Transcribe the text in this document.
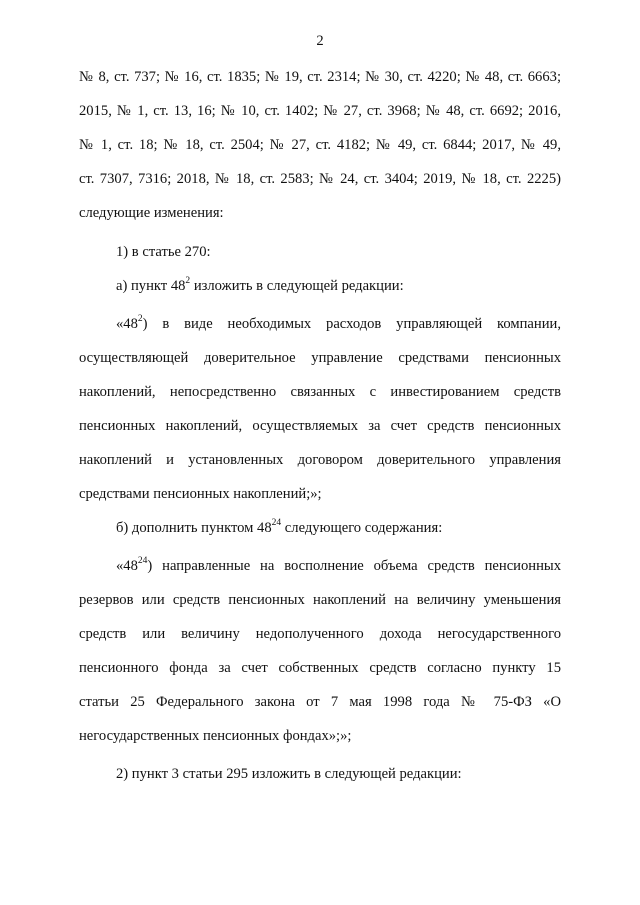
2
№ 8, ст. 737; № 16, ст. 1835; № 19, ст. 2314; № 30, ст. 4220; № 48, ст. 6663;
2015, № 1, ст. 13, 16; № 10, ст. 1402; № 27, ст. 3968; № 48, ст. 6692; 2016,
№ 1, ст. 18; № 18, ст. 2504; № 27, ст. 4182; № 49, ст. 6844; 2017, № 49,
ст. 7307, 7316; 2018, № 18, ст. 2583; № 24, ст. 3404; 2019, № 18, ст. 2225)
следующие изменения:
1) в статье 270:
а) пункт $48^2$ изложить в следующей редакции:
«$48^2$) в виде необходимых расходов управляющей компании,
осуществляющей доверительное управление средствами пенсионных
накоплений, непосредственно связанных с инвестированием средств
пенсионных накоплений, осуществляемых за счет средств пенсионных
накоплений и установленных договором доверительного управления
средствами пенсионных накоплений;»;
б) дополнить пунктом $48^{24}$ следующего содержания:
«$48^{24}$) направленные на восполнение объема средств пенсионных
резервов или средств пенсионных накоплений на величину уменьшения
средств или величину недополученного дохода негосударственного
пенсионного фонда за счет собственных средств согласно пункту 15
статьи 25 Федерального закона от 7 мая 1998 года № 75-ФЗ «О
негосударственных пенсионных фондах»;»;
2) пункт 3 статьи 295 изложить в следующей редакции:
